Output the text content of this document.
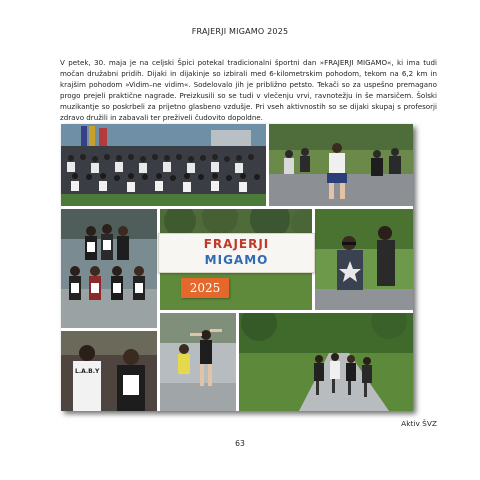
FRAJERJI MIGAMO 2025
V petek, 30. maja je na celjski Špici potekal tradicionalni športni dan »FRAJERJI MIGAMO«, ki ima tudi močan družabni pridih. Dijaki in dijakinje so izbirali med 6-kilometrskim pohodom, tekom na 6,2 km in krajšim pohodom »Vidim–ne vidim«. Sodelovalo jih je približno petsto. Tekači so za uspešno premagano progo prejeli praktične nagrade. Preizkusili so se tudi v vlečenju vrvi, ravnotežju in še marsičem. Šolski muzikantje so poskrbeli za prijetno glasbeno vzdušje. Pri vseh aktivnostih so se dijaki skupaj s profesorji zdravo družili in zabavali ter preživeli čudovito dopoldne.
L.A.B.Y
FRAJERJI
MIGAMO
2025
Aktiv ŠVZ
63
